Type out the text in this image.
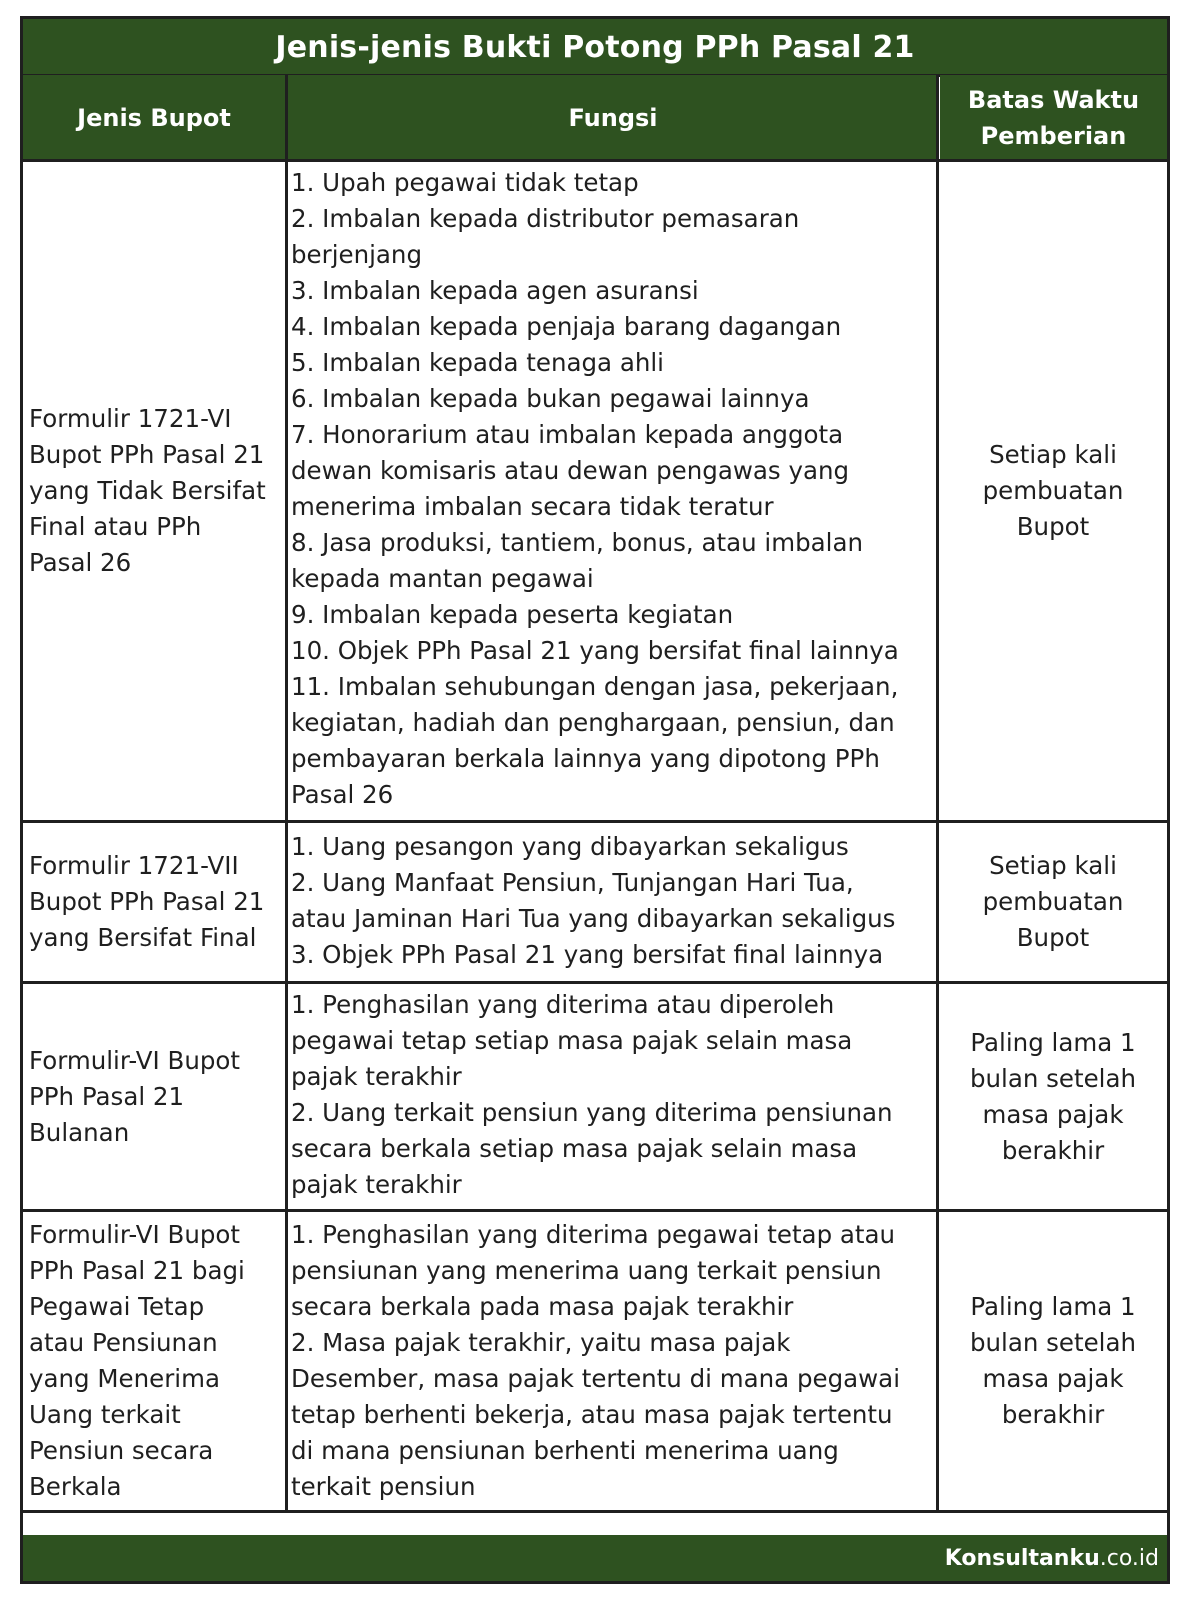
Jenis-jenis Bukti Potong PPh Pasal 21
Jenis Bupot	Fungsi
Batas Waktu
Pemberian
Formulir 1721-VI
Bupot PPh Pasal 21
yang Tidak Bersifat
Final atau PPh
Pasal 26
1. Upah pegawai tidak tetap
2. Imbalan kepada distributor pemasaran
berjenjang
3. Imbalan kepada agen asuransi
4. Imbalan kepada penjaja barang dagangan
5. Imbalan kepada tenaga ahli
6. Imbalan kepada bukan pegawai lainnya
7. Honorarium atau imbalan kepada anggota
dewan komisaris atau dewan pengawas yang
menerima imbalan secara tidak teratur
8. Jasa produksi, tantiem, bonus, atau imbalan
kepada mantan pegawai
9. Imbalan kepada peserta kegiatan
10. Objek PPh Pasal 21 yang bersifat final lainnya
11. Imbalan sehubungan dengan jasa, pekerjaan,
kegiatan, hadiah dan penghargaan, pensiun, dan
pembayaran berkala lainnya yang dipotong PPh
Pasal 26
Setiap kali
pembuatan
Bupot
Formulir 1721-VII
Bupot PPh Pasal 21
yang Bersifat Final
1. Uang pesangon yang dibayarkan sekaligus
2. Uang Manfaat Pensiun, Tunjangan Hari Tua,
atau Jaminan Hari Tua yang dibayarkan sekaligus
3. Objek PPh Pasal 21 yang bersifat final lainnya
Setiap kali
pembuatan
Bupot
Formulir-VI Bupot
PPh Pasal 21
Bulanan
1. Penghasilan yang diterima atau diperoleh
pegawai tetap setiap masa pajak selain masa
pajak terakhir
2. Uang terkait pensiun yang diterima pensiunan
secara berkala setiap masa pajak selain masa
pajak terakhir
Paling lama 1
bulan setelah
masa pajak
berakhir
Formulir-VI Bupot
PPh Pasal 21 bagi
Pegawai Tetap
atau Pensiunan
yang Menerima
Uang terkait
Pensiun secara
Berkala
1. Penghasilan yang diterima pegawai tetap atau
pensiunan yang menerima uang terkait pensiun
secara berkala pada masa pajak terakhir
2. Masa pajak terakhir, yaitu masa pajak
Desember, masa pajak tertentu di mana pegawai
tetap berhenti bekerja, atau masa pajak tertentu
di mana pensiunan berhenti menerima uang
terkait pensiun
Paling lama 1
bulan setelah
masa pajak
berakhir
Konsultanku .co.id
